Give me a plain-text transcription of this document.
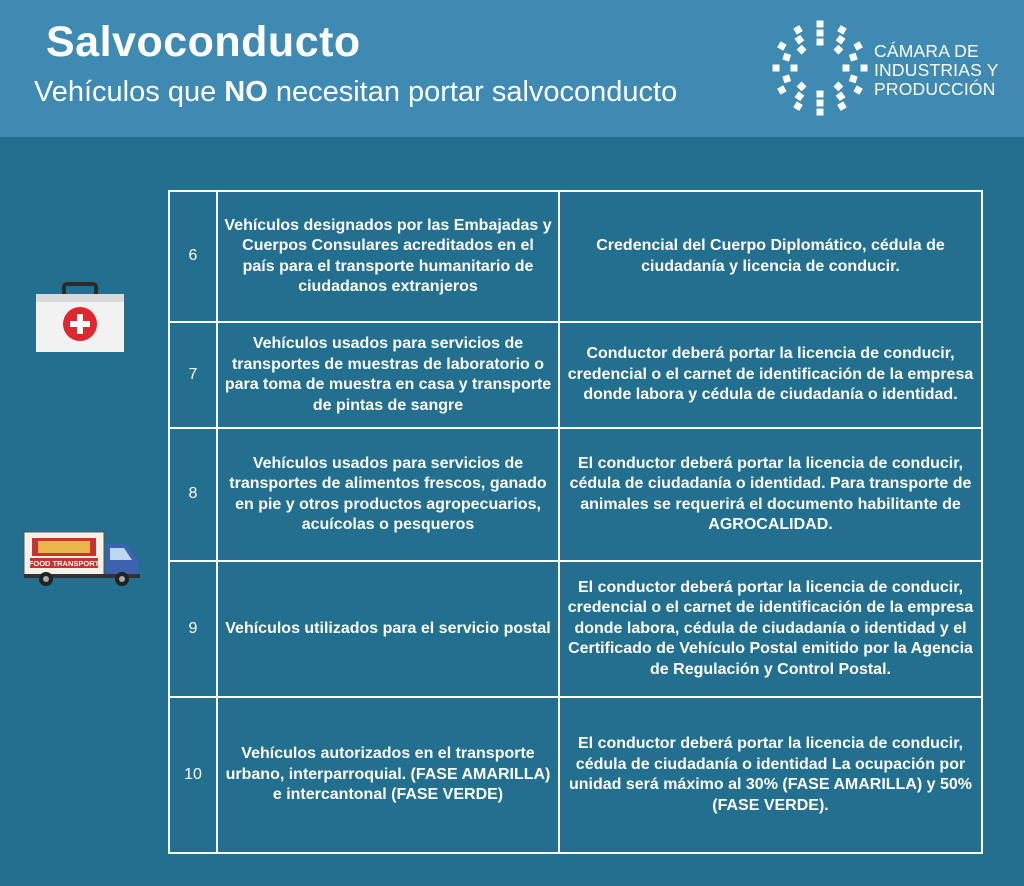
Salvoconducto
Vehículos que NO necesitan portar salvoconducto
CÁMARA DE
INDUSTRIAS Y
PRODUCCIÓN
FOOD TRANSPORT
6	Vehículos designados por las Embajadas y Cuerpos Consulares acreditados en el país para el transporte humanitario de ciudadanos extranjeros	Credencial del Cuerpo Diplomático, cédula de ciudadanía y licencia de conducir.
7	Vehículos usados para servicios de transportes de muestras de laboratorio o para toma de muestra en casa y transporte de pintas de sangre	Conductor deberá portar la licencia de conducir, credencial o el carnet de identificación de la empresa donde labora y cédula de ciudadanía o identidad.
8	Vehículos usados para servicios de transportes de alimentos frescos, ganado en pie y otros productos agropecuarios, acuícolas o pesqueros	El conductor deberá portar la licencia de conducir, cédula de ciudadanía o identidad. Para transporte de animales se requerirá el documento habilitante de AGROCALIDAD.
9	Vehículos utilizados para el servicio postal	El conductor deberá portar la licencia de conducir, credencial o el carnet de identificación de la empresa donde labora, cédula de ciudadanía o identidad y el Certificado de Vehículo Postal emitido por la Agencia de Regulación y Control Postal.
10	Vehículos autorizados en el transporte urbano, interparroquial. (FASE AMARILLA) e intercantonal (FASE VERDE)	El conductor deberá portar la licencia de conducir, cédula de ciudadanía o identidad La ocupación por unidad será máximo al 30% (FASE AMARILLA) y 50% (FASE VERDE).
